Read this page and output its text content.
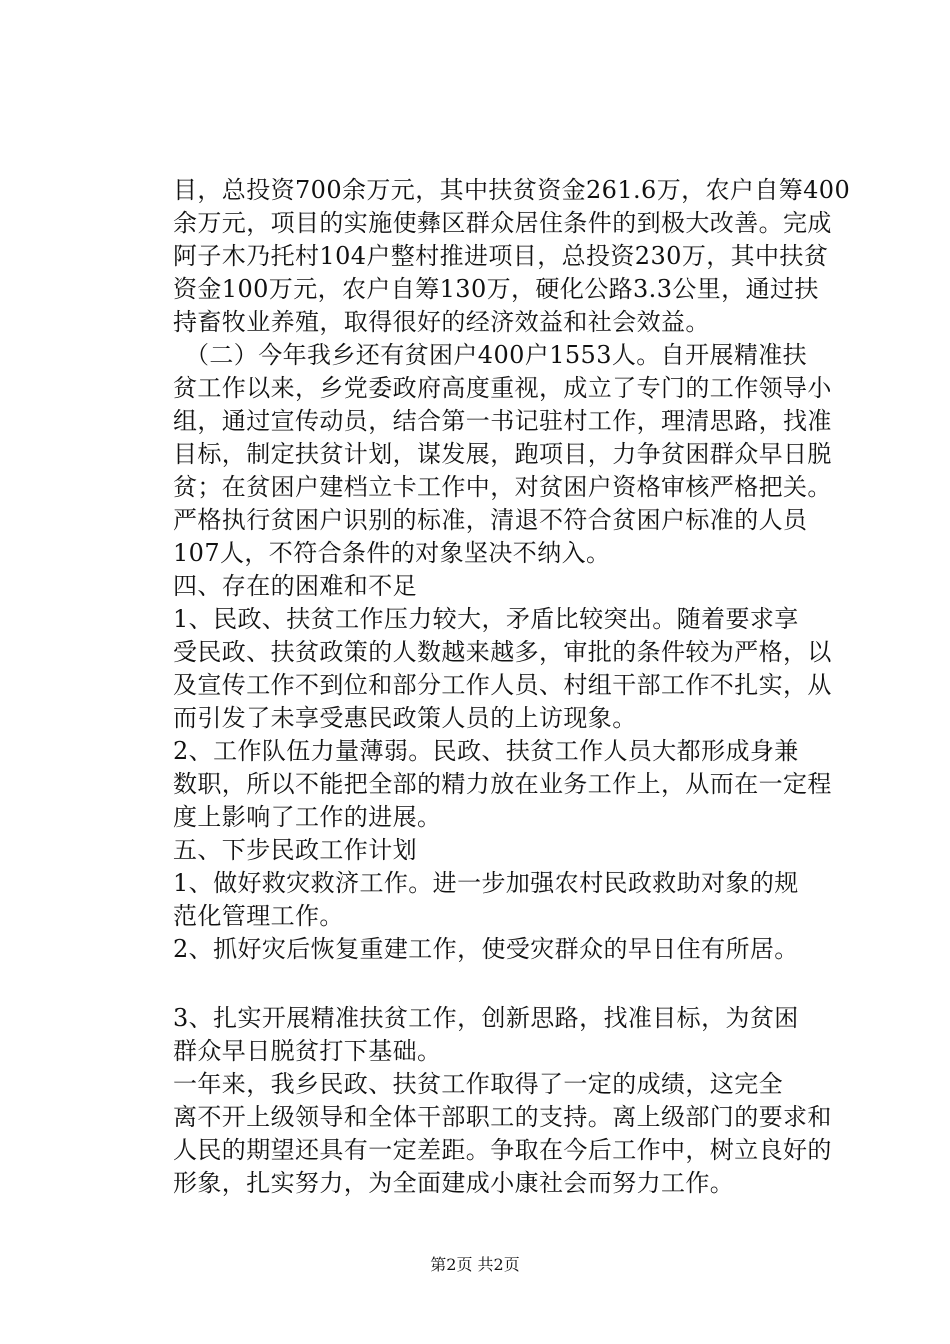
目，总投资700余万元，其中扶贫资金261.6万，农户自筹400
余万元，项目的实施使彝区群众居住条件的到极大改善。完成
阿子木乃托村104户整村推进项目，总投资230万，其中扶贫
资金100万元，农户自筹130万，硬化公路3.3公里，通过扶
持畜牧业养殖，取得很好的经济效益和社会效益。
（二）今年我乡还有贫困户400户1553人。自开展精准扶
贫工作以来，乡党委政府高度重视，成立了专门的工作领导小
组，通过宣传动员，结合第一书记驻村工作，理清思路，找准
目标，制定扶贫计划，谋发展，跑项目，力争贫困群众早日脱
贫；在贫困户建档立卡工作中，对贫困户资格审核严格把关。
严格执行贫困户识别的标准，清退不符合贫困户标准的人员
107人，不符合条件的对象坚决不纳入。
四、存在的困难和不足
1、民政、扶贫工作压力较大，矛盾比较突出。随着要求享
受民政、扶贫政策的人数越来越多，审批的条件较为严格，以
及宣传工作不到位和部分工作人员、村组干部工作不扎实，从
而引发了未享受惠民政策人员的上访现象。
2、工作队伍力量薄弱。民政、扶贫工作人员大都形成身兼
数职，所以不能把全部的精力放在业务工作上，从而在一定程
度上影响了工作的进展。
五、下步民政工作计划
1、做好救灾救济工作。进一步加强农村民政救助对象的规
范化管理工作。
2、抓好灾后恢复重建工作，使受灾群众的早日住有所居。
3、扎实开展精准扶贫工作，创新思路，找准目标，为贫困
群众早日脱贫打下基础。
一年来，我乡民政、扶贫工作取得了一定的成绩，这完全
离不开上级领导和全体干部职工的支持。离上级部门的要求和
人民的期望还具有一定差距。争取在今后工作中，树立良好的
形象，扎实努力，为全面建成小康社会而努力工作。
第2页 共2页
